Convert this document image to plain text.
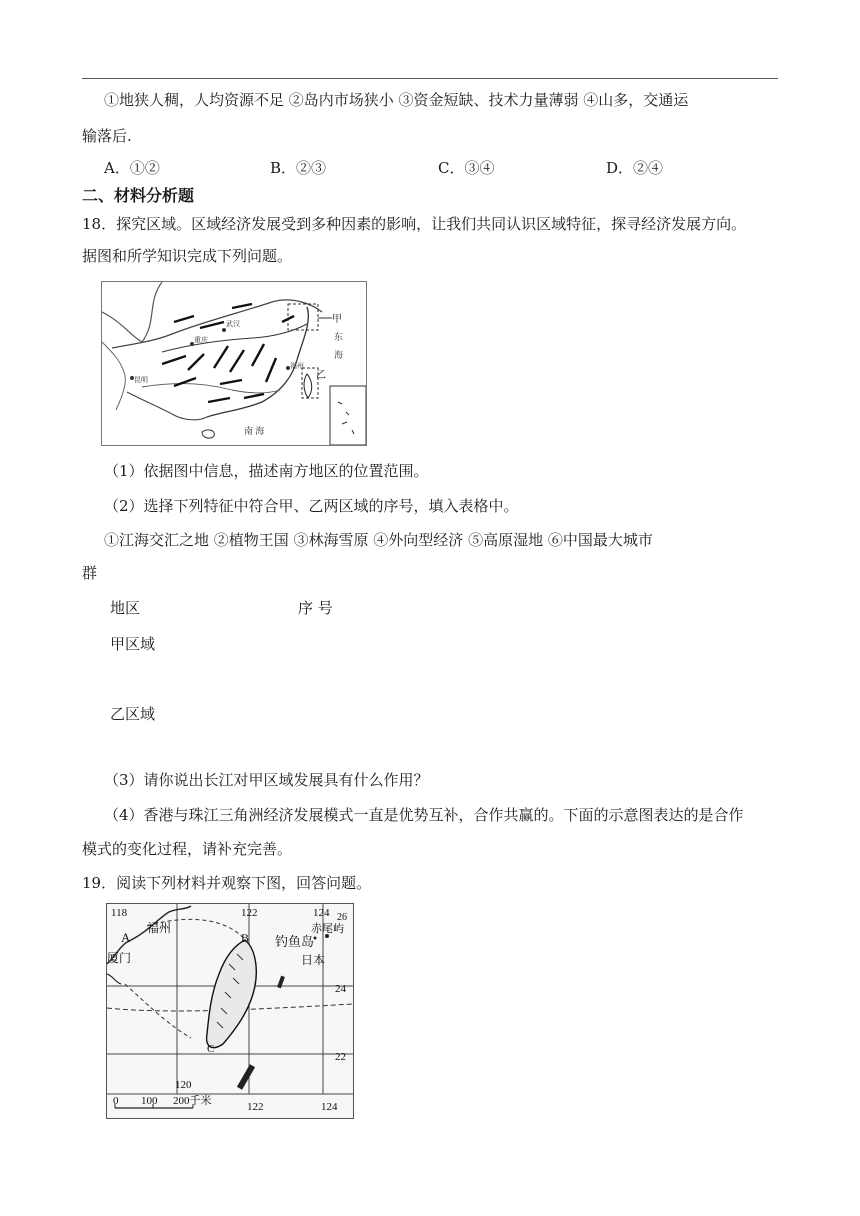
①地狭人稠，人均资源不足 ②岛内市场狭小 ③资金短缺、技术力量薄弱 ④山多，交通运
输落后.
A．①②	B．②③	C．③④	D．②④
二、材料分析题
18．探究区域。区域经济发展受到多种因素的影响，让我们共同认识区域特征，探寻经济发展方向。
据图和所学知识完成下列问题。
武汉
重庆
昆明
福州
甲
乙
东
海
南 海
（1）依据图中信息，描述南方地区的位置范围。
（2）选择下列特征中符合甲、乙两区域的序号，填入表格中。
①江海交汇之地 ②植物王国 ③林海雪原 ④外向型经济 ⑤高原湿地 ⑥中国最大城市
群
地区	序 号
甲区域
乙区域
（3）请你说出长江对甲区域发展具有什么作用？
（4）香港与珠江三角洲经济发展模式一直是优势互补，合作共赢的。下面的示意图表达的是合作
模式的变化过程，请补充完善。
19．阅读下列材料并观察下图，回答问题。
118	122	124 26
24
22
120
122	124
A	B
C
福州
厦门
钓鱼岛
赤尾屿
日本
0 100 200千米
